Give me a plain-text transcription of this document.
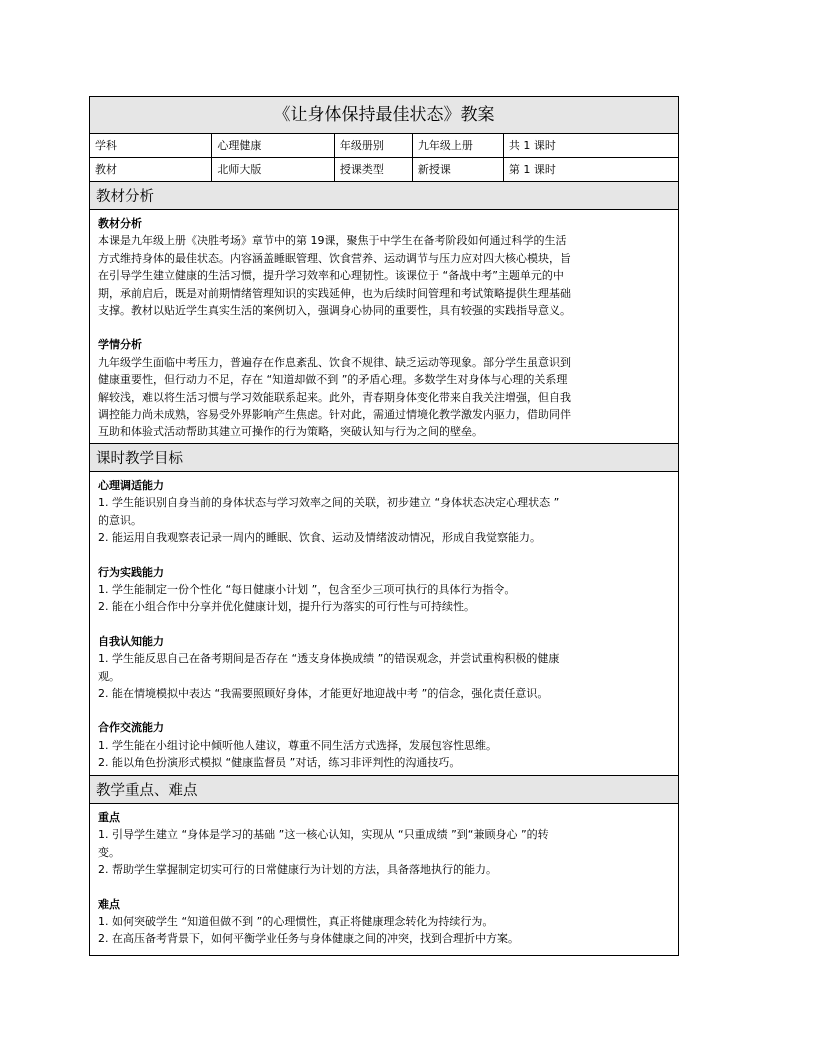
《让身体保持最佳状态》教案
学科	心理健康	年级册别	九年级上册	共 1 课时
教材	北师大版	授课类型	新授课	第 1 课时
教材分析
教材分析

本课是九年级上册《决胜考场》章节中的第 19课，聚焦于中学生在备考阶段如何通过科学的生活

方式维持身体的最佳状态。内容涵盖睡眠管理、饮食营养、运动调节与压力应对四大核心模块，旨

在引导学生建立健康的生活习惯，提升学习效率和心理韧性。该课位于 “备战中考”主题单元的中

期，承前启后，既是对前期情绪管理知识的实践延伸，也为后续时间管理和考试策略提供生理基础

支撑。教材以贴近学生真实生活的案例切入，强调身心协同的重要性，具有较强的实践指导意义。

学情分析

九年级学生面临中考压力，普遍存在作息紊乱、饮食不规律、缺乏运动等现象。部分学生虽意识到

健康重要性，但行动力不足，存在 “知道却做不到 ”的矛盾心理。多数学生对身体与心理的关系理

解较浅，难以将生活习惯与学习效能联系起来。此外，青春期身体变化带来自我关注增强，但自我

调控能力尚未成熟，容易受外界影响产生焦虑。针对此，需通过情境化教学激发内驱力，借助同伴

互助和体验式活动帮助其建立可操作的行为策略，突破认知与行为之间的壁垒。

课时教学目标
心理调适能力

1. 学生能识别自身当前的身体状态与学习效率之间的关联，初步建立 “身体状态决定心理状态 ”

的意识。

2. 能运用自我观察表记录一周内的睡眠、饮食、运动及情绪波动情况，形成自我觉察能力。

行为实践能力

1. 学生能制定一份个性化 “每日健康小计划 ”，包含至少三项可执行的具体行为指令。

2. 能在小组合作中分享并优化健康计划，提升行为落实的可行性与可持续性。

自我认知能力

1. 学生能反思自己在备考期间是否存在 “透支身体换成绩 ”的错误观念，并尝试重构积极的健康

观。

2. 能在情境模拟中表达 “我需要照顾好身体，才能更好地迎战中考 ”的信念，强化责任意识。

合作交流能力

1. 学生能在小组讨论中倾听他人建议，尊重不同生活方式选择，发展包容性思维。

2. 能以角色扮演形式模拟 “健康监督员 ”对话，练习非评判性的沟通技巧。

教学重点、难点
重点

1. 引导学生建立 “身体是学习的基础 ”这一核心认知，实现从 “只重成绩 ”到“兼顾身心 ”的转

变。

2. 帮助学生掌握制定切实可行的日常健康行为计划的方法，具备落地执行的能力。

难点

1. 如何突破学生 “知道但做不到 ”的心理惯性，真正将健康理念转化为持续行为。

2. 在高压备考背景下，如何平衡学业任务与身体健康之间的冲突，找到合理折中方案。
